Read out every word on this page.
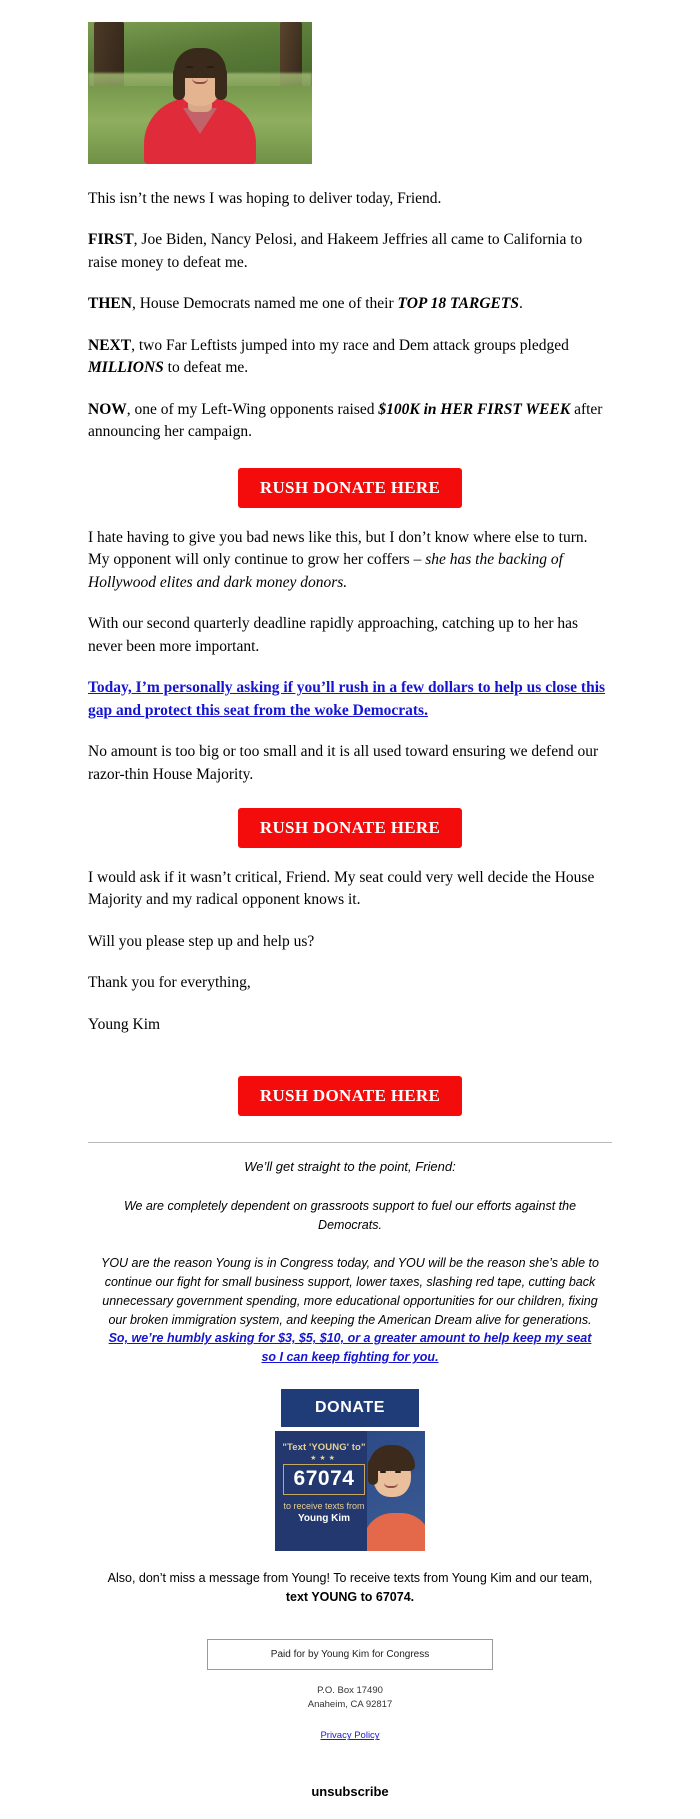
This isn’t the news I was hoping to deliver today, Friend.

FIRST, Joe Biden, Nancy Pelosi, and Hakeem Jeffries all came to California to raise money to defeat me.

THEN, House Democrats named me one of their TOP 18 TARGETS.

NEXT, two Far Leftists jumped into my race and Dem attack groups pledged MILLIONS to defeat me.

NOW, one of my Left-Wing opponents raised $100K in HER FIRST WEEK after announcing her campaign.

RUSH DONATE HERE

I hate having to give you bad news like this, but I don’t know where else to turn. My opponent will only continue to grow her coffers – she has the backing of Hollywood elites and dark money donors.

With our second quarterly deadline rapidly approaching, catching up to her has never been more important.

Today, I’m personally asking if you’ll rush in a few dollars to help us close this gap and protect this seat from the woke Democrats.

No amount is too big or too small and it is all used toward ensuring we defend our razor-thin House Majority.

RUSH DONATE HERE

I would ask if it wasn’t critical, Friend. My seat could very well decide the House Majority and my radical opponent knows it.

Will you please step up and help us?

Thank you for everything,

Young Kim

RUSH DONATE HERE

We’ll get straight to the point, Friend:

We are completely dependent on grassroots support to fuel our efforts against the Democrats.

YOU are the reason Young is in Congress today, and YOU will be the reason she’s able to continue our fight for small business support, lower taxes, slashing red tape, cutting back unnecessary government spending, more educational opportunities for our children, fixing our broken immigration system, and keeping the American Dream alive for generations. So, we’re humbly asking for $3, $5, $10, or a greater amount to help keep my seat so I can keep fighting for you.

DONATE
"Text 'YOUNG' to"
★★★
67074
to receive texts from
Young Kim
Also, don’t miss a message from Young! To receive texts from Young Kim and our team,
text YOUNG to 67074.
Paid for by Young Kim for Congress
P.O. Box 17490
Anaheim, CA 92817
Privacy Policy
unsubscribe
